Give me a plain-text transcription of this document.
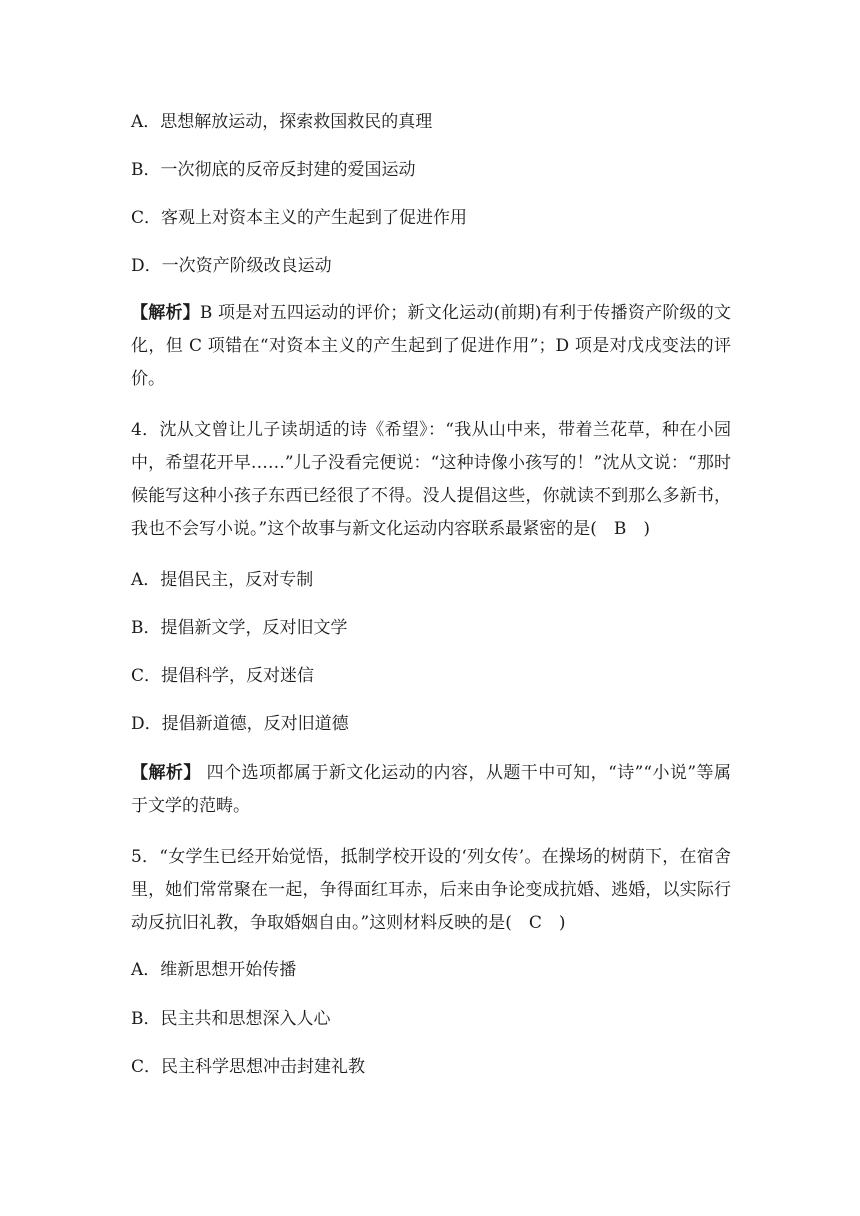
A．思想解放运动，探索救国救民的真理
B．一次彻底的反帝反封建的爱国运动
C．客观上对资本主义的产生起到了促进作用
D．一次资产阶级改良运动
【解析】B 项是对五四运动的评价；新文化运动(前期)有利于传播资产阶级的文化，但 C 项错在“对资本主义的产生起到了促进作用”；D 项是对戊戌变法的评价。
4．沈从文曾让儿子读胡适的诗《希望》：“我从山中来，带着兰花草，种在小园中，希望花开早……”儿子没看完便说：“这种诗像小孩写的！”沈从文说：“那时候能写这种小孩子东西已经很了不得。没人提倡这些，你就读不到那么多新书，我也不会写小说。”这个故事与新文化运动内容联系最紧密的是(　B　)
A．提倡民主，反对专制
B．提倡新文学，反对旧文学
C．提倡科学，反对迷信
D．提倡新道德，反对旧道德
【解析】 四个选项都属于新文化运动的内容，从题干中可知，“诗”“小说”等属于文学的范畴。
5．“女学生已经开始觉悟，抵制学校开设的‘列女传’。在操场的树荫下，在宿舍里，她们常常聚在一起，争得面红耳赤，后来由争论变成抗婚、逃婚，以实际行动反抗旧礼教，争取婚姻自由。”这则材料反映的是(　C　)
A．维新思想开始传播
B．民主共和思想深入人心
C．民主科学思想冲击封建礼教
